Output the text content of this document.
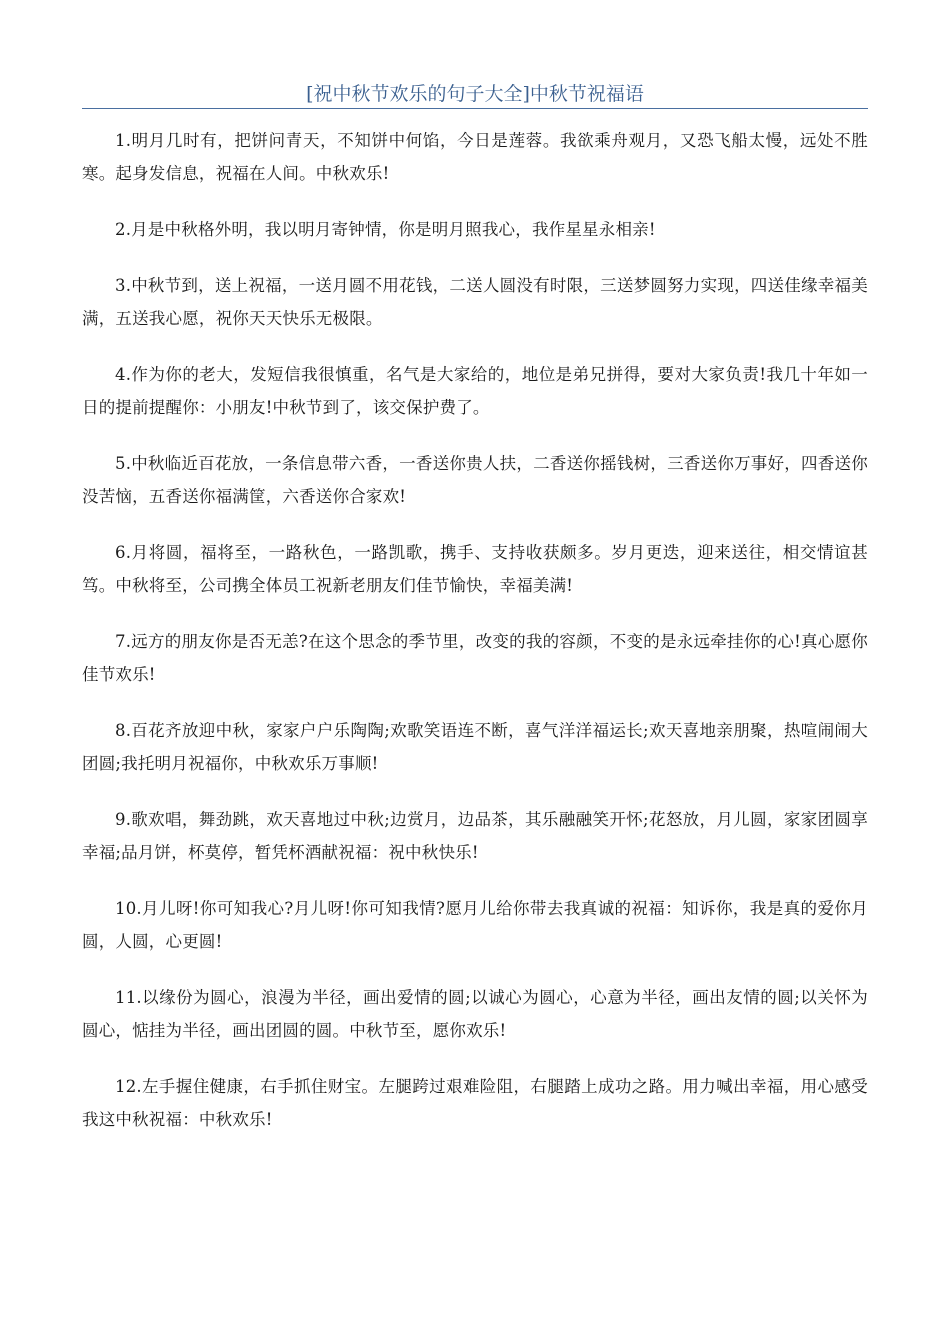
[祝中秋节欢乐的句子大全]中秋节祝福语

1.明月几时有，把饼问青天，不知饼中何馅，今日是莲蓉。我欲乘舟观月，又恐飞船太慢，远处不胜寒。起身发信息，祝福在人间。中秋欢乐!

2.月是中秋格外明，我以明月寄钟情，你是明月照我心，我作星星永相亲!

3.中秋节到，送上祝福，一送月圆不用花钱，二送人圆没有时限，三送梦圆努力实现，四送佳缘幸福美满，五送我心愿，祝你天天快乐无极限。

4.作为你的老大，发短信我很慎重，名气是大家给的，地位是弟兄拼得，要对大家负责!我几十年如一日的提前提醒你：小朋友!中秋节到了，该交保护费了。

5.中秋临近百花放，一条信息带六香，一香送你贵人扶，二香送你摇钱树，三香送你万事好，四香送你没苦恼，五香送你福满筐，六香送你合家欢!

6.月将圆，福将至，一路秋色，一路凯歌，携手、支持收获颇多。岁月更迭，迎来送往，相交情谊甚笃。中秋将至，公司携全体员工祝新老朋友们佳节愉快，幸福美满!

7.远方的朋友你是否无恙?在这个思念的季节里，改变的我的容颜，不变的是永远牵挂你的心!真心愿你佳节欢乐!

8.百花齐放迎中秋，家家户户乐陶陶;欢歌笑语连不断，喜气洋洋福运长;欢天喜地亲朋聚，热喧闹闹大团圆;我托明月祝福你，中秋欢乐万事顺!

9.歌欢唱，舞劲跳，欢天喜地过中秋;边赏月，边品茶，其乐融融笑开怀;花怒放，月儿圆，家家团圆享幸福;品月饼，杯莫停，暂凭杯酒献祝福：祝中秋快乐!

10.月儿呀!你可知我心?月儿呀!你可知我情?愿月儿给你带去我真诚的祝福：知诉你，我是真的爱你月圆，人圆，心更圆!

11.以缘份为圆心，浪漫为半径，画出爱情的圆;以诚心为圆心，心意为半径，画出友情的圆;以关怀为圆心，惦挂为半径，画出团圆的圆。中秋节至，愿你欢乐!

12.左手握住健康，右手抓住财宝。左腿跨过艰难险阻，右腿踏上成功之路。用力喊出幸福，用心感受我这中秋祝福：中秋欢乐!
